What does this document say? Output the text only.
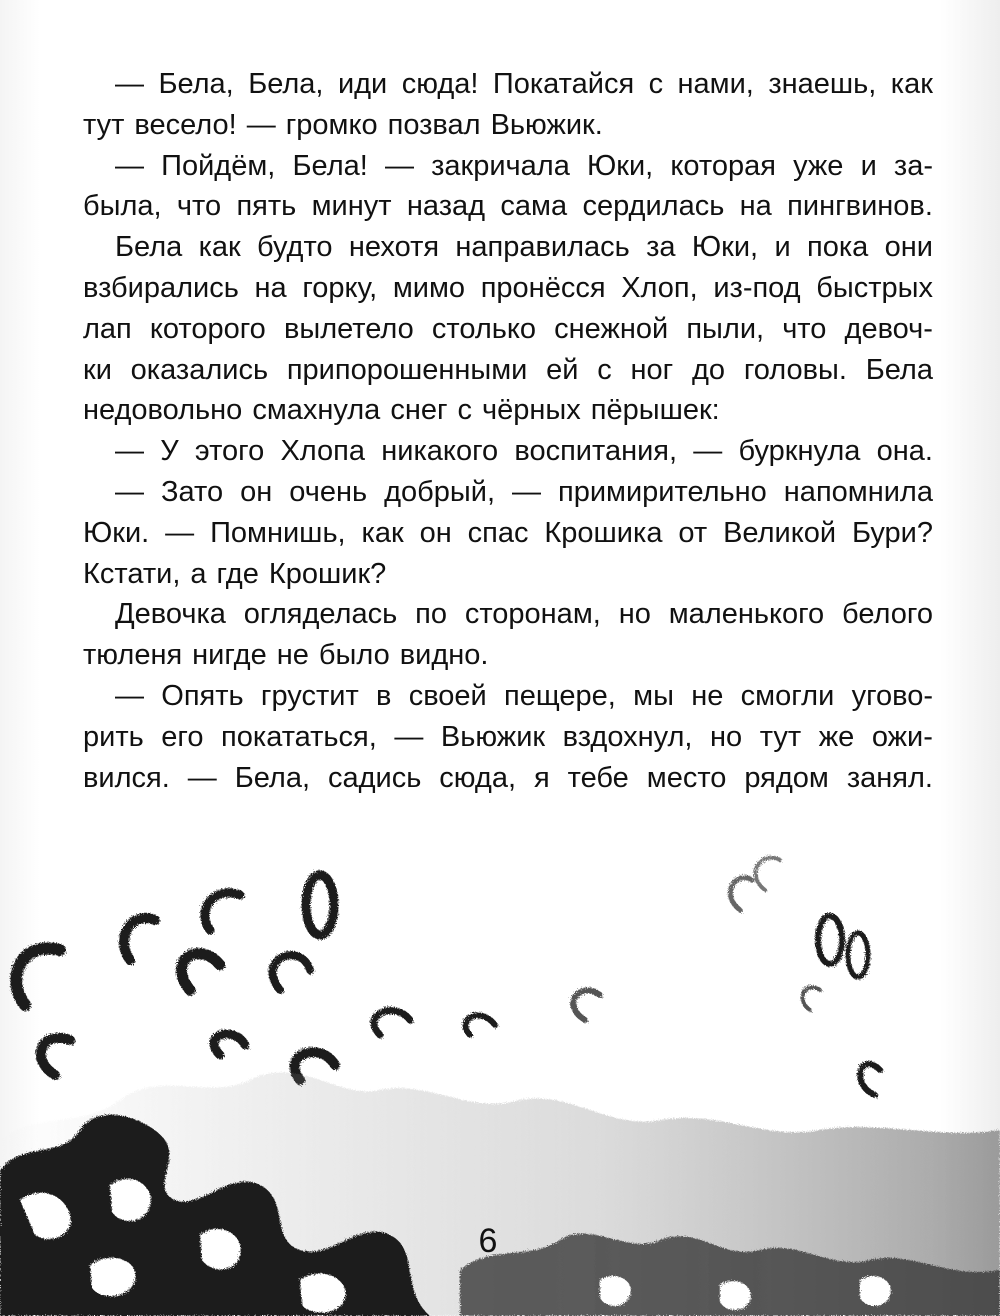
— Бела, Бела, иди сюда! Покатайся с нами, знаешь, как
тут весело! — громко позвал Вьюжик.
— Пойдём, Бела! — закричала Юки, которая уже и за-
была, что пять минут назад сама сердилась на пингвинов.
Бела как будто нехотя направилась за Юки, и пока они
взбирались на горку, мимо пронёсся Хлоп, из-под быстрых
лап которого вылетело столько снежной пыли, что девоч-
ки оказались припорошенными ей с ног до головы. Бела
недовольно смахнула снег с чёрных пёрышек:
— У этого Хлопа никакого воспитания, — буркнула она.
— Зато он очень добрый, — примирительно напомнила
Юки. — Помнишь, как он спас Крошика от Великой Бури?
Кстати, а где Крошик?
Девочка огляделась по сторонам, но маленького белого
тюленя нигде не было видно.
— Опять грустит в своей пещере, мы не смогли угово-
рить его покататься, — Вьюжик вздохнул, но тут же ожи-
вился. — Бела, садись сюда, я тебе место рядом занял.
6
